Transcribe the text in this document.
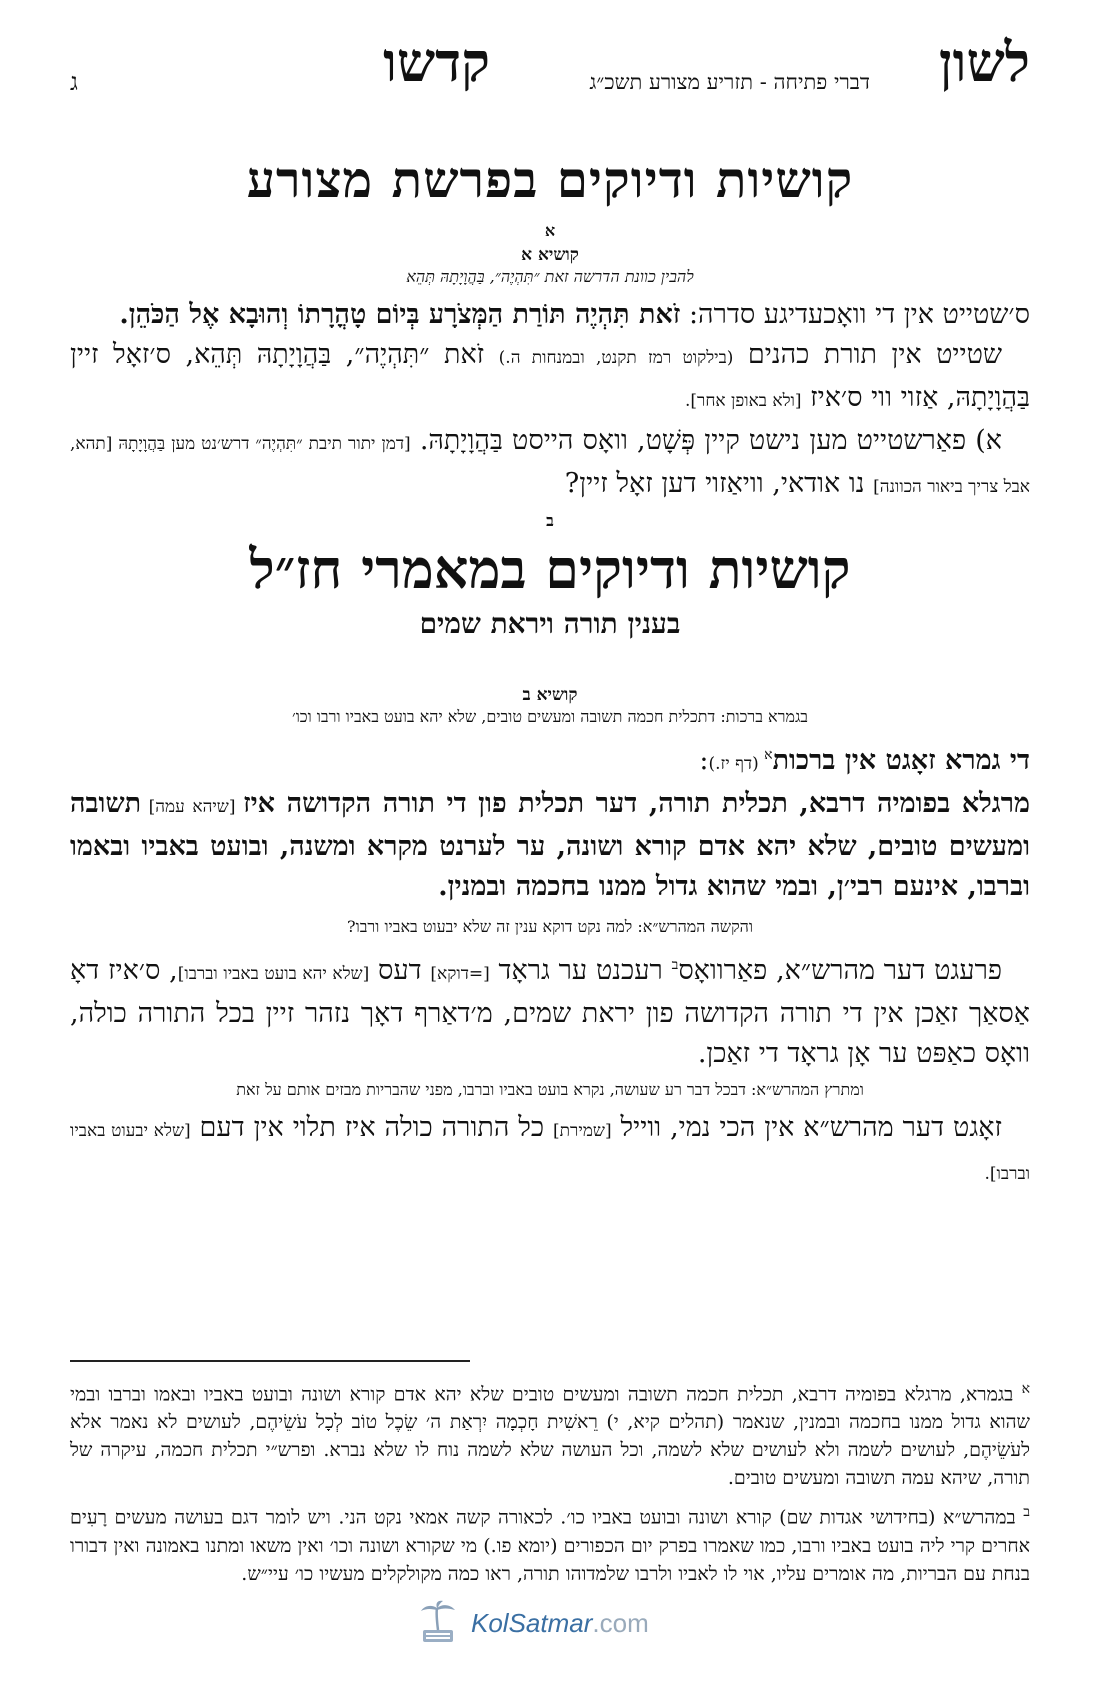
לשון
דברי פתיחה - תזריע מצורע תשכ״ג
קדשו
ג
קושיות ודיוקים בפרשת מצורע
א
קושיא א
להבין כוונת הדרשה זאת ״תִּהְיֶה״, בַּהֲוָיָתָהּ תְּהֵא

ס׳שטייט אין די וואָכעדיגע סדרה: זֹאת תִּהְיֶה תּוֹרַת הַמְּצֹרָע בְּיוֹם טָהֳרָתוֹ וְהוּבָא אֶל הַכֹּהֵן.

שטייט אין תורת כהנים (בילקוט רמז תקנט, ובמנחות ה.) זֹאת ״תִּהְיֶה״, בַּהֲוָיָתָהּ תְּהֵא, ס׳זאָל זיין בַּהֲוָיָתָהּ, אַזוי ווי ס׳איז [ולא באופן אחר].

א) פאַרשטייט מען נישט קיין פְּשָׁט, וואָס הייסט בַּהֲוָיָתָהּ. [דמן יתור תיבת ״תִּהְיֶה״ דרש׳נט מען בַּהֲוָיָתָהּ [תהא, אבל צריך ביאור הכוונה] נו אודאי, וויאַזוי דען זאָל זיין?

ב
קושיות ודיוקים במאמרי חז״ל
בענין תורה ויראת שמים
קושיא ב
בגמרא ברכות: דתכלית חכמה תשובה ומעשים טובים, שלא יהא בועט באביו ורבו וכו׳

די גמרא זאָגט אין ברכות$^א$ (דף יז.):

מרגלא בפומיה דרבא, תכלית תורה, דער תכלית פון די תורה הקדושה איז [שיהא עמה] תשובה ומעשים טובים, שלא יהא אדם קורא ושונה, ער לערנט מקרא ומשנה, ובועט באביו ובאמו וברבו, אינעם רבי׳ן, ובמי שהוא גדול ממנו בחכמה ובמנין.

והקשה המהרש״א: למה נקט דוקא ענין זה שלא יבעוט באביו ורבו?

פרעגט דער מהרש״א, פאַרוואָס$^ב$ רעכנט ער גראָד [=דוקא] דעס [שלא יהא בועט באביו וברבו], ס׳איז דאָ אַסאַך זאַכן אין די תורה הקדושה פון יראת שמים, מ׳דאַרף דאָך נזהר זיין בכל התורה כולה, וואָס כאַפּט ער אָן גראָד די זאַכן.

ומתרץ המהרש״א: דבכל דבר רע שעושה, נקרא בועט באביו וברבו, מפני שהבריות מבזים אותם על זאת

זאָגט דער מהרש״א אין הכי נמי, ווייל [שמירת] כל התורה כולה איז תלוי אין דעם [שלא יבעוט באביו וברבו].

$^א$ בגמרא, מרגלא בפומיה דרבא, תכלית חכמה תשובה ומעשים טובים שלא יהא אדם קורא ושונה ובועט באביו ובאמו וברבו ובמי שהוא גדול ממנו בחכמה ובמנין, שנאמר (תהלים קיא, י) רֵאשִׁית חָכְמָה יִרְאַת ה׳ שֵׂכֶל טוֹב לְכָל עֹשֵׂיהֶם, לעושים לא נאמר אלא לעֹשֵׂיהֶם, לעושים לשמה ולא לעושים שלא לשמה, וכל העושה שלא לשמה נוח לו שלא נברא. ופרש״י תכלית חכמה, עיקרה של תורה, שיהא עמה תשובה ומעשים טובים.

$^ב$ במהרש״א (בחידושי אגדות שם) קורא ושונה ובועט באביו כו׳. לכאורה קשה אמאי נקט הני. ויש לומר דגם בעושה מעשים רָעִים אחרים קרי ליה בועט באביו ורבו, כמו שאמרו בפרק יום הכפורים (יומא פו.) מי שקורא ושונה וכו׳ ואין משאו ומתנו באמונה ואין דבורו בנחת עם הבריות, מה אומרים עליו, אוי לו לאביו ולרבו שלמדוהו תורה, ראו כמה מקולקלים מעשיו כו׳ עיי״ש.

KolSatmar.com
